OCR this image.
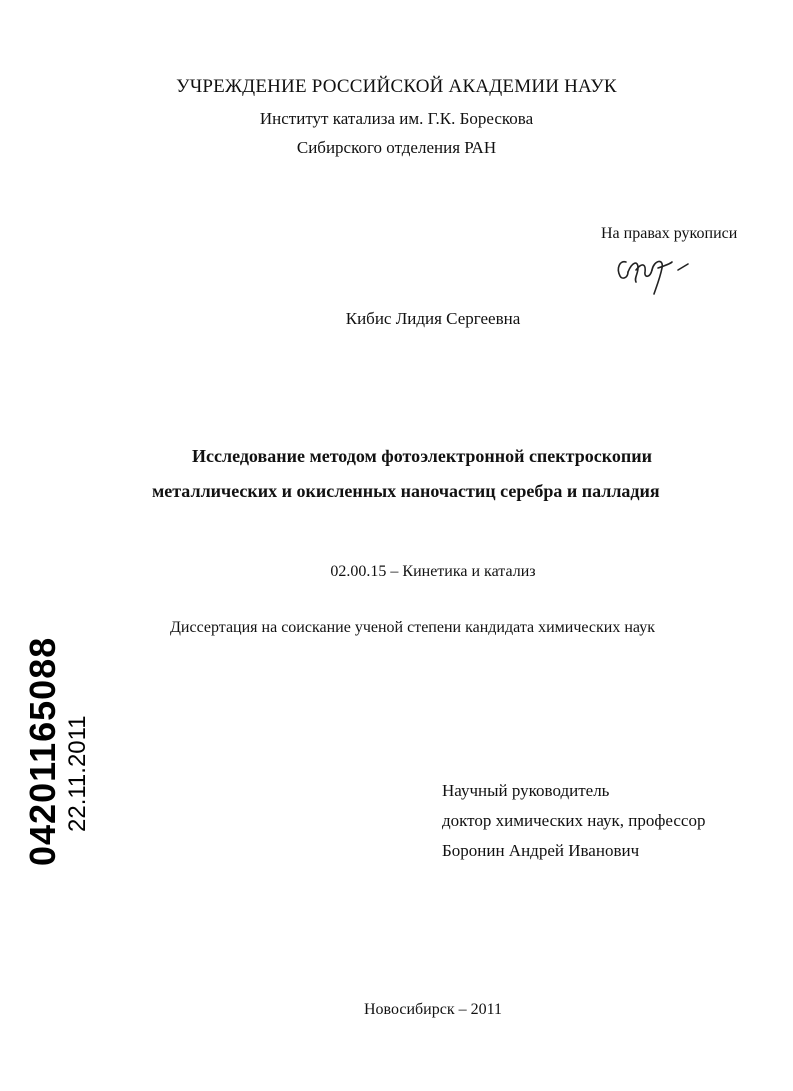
УЧРЕЖДЕНИЕ РОССИЙСКОЙ АКАДЕМИИ НАУК
Институт катализа им. Г.К. Борескова
Сибирского отделения РАН
На правах рукописи
Кибис Лидия Сергеевна
Исследование методом фотоэлектронной спектроскопии
металлических и окисленных наночастиц серебра и палладия
02.00.15 – Кинетика и катализ
Диссертация на соискание ученой степени кандидата химических наук
Научный руководитель
доктор химических наук, профессор
Боронин Андрей Иванович
Новосибирск – 2011
04201165088 22.11.2011
